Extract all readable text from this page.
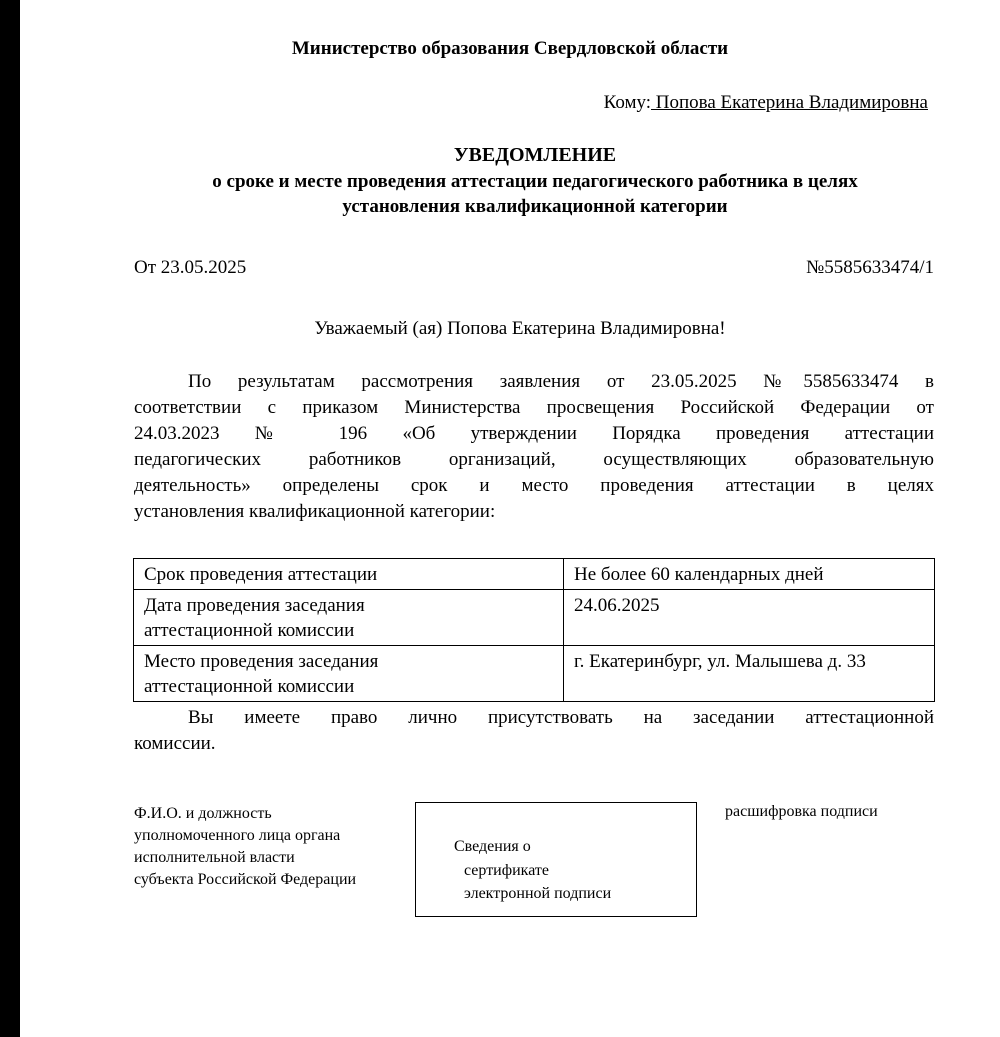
Министерство образования Свердловской области
Кому: Попова Екатерина Владимировна
УВЕДОМЛЕНИЕ
о сроке и месте проведения аттестации педагогического работника в целях
установления квалификационной категории
От 23.05.2025	№5585633474/1
Уважаемый (ая) Попова Екатерина Владимировна!
По результатам рассмотрения заявления от 23.05.2025 №5585633474 в
соответствии с приказом Министерства просвещения Российской Федерации от
24.03.2023 № 196 «Об утверждении Порядка проведения аттестации
педагогических работников организаций, осуществляющих образовательную
деятельность» определены срок и место проведения аттестации в целях
установления квалификационной категории:
Срок проведения аттестации	Не более 60 календарных дней

Дата проведения заседания
аттестационной комиссии	24.06.2025

Место проведения заседания
аттестационной комиссии	г. Екатеринбург, ул. Малышева д. 33
Вы имеете право лично присутствовать на заседании аттестационной
комиссии.
Ф.И.О. и должность
уполномоченного лица органа
исполнительной власти
субъекта Российской Федерации
Сведения о
сертификате
электронной подписи
расшифровка подписи
